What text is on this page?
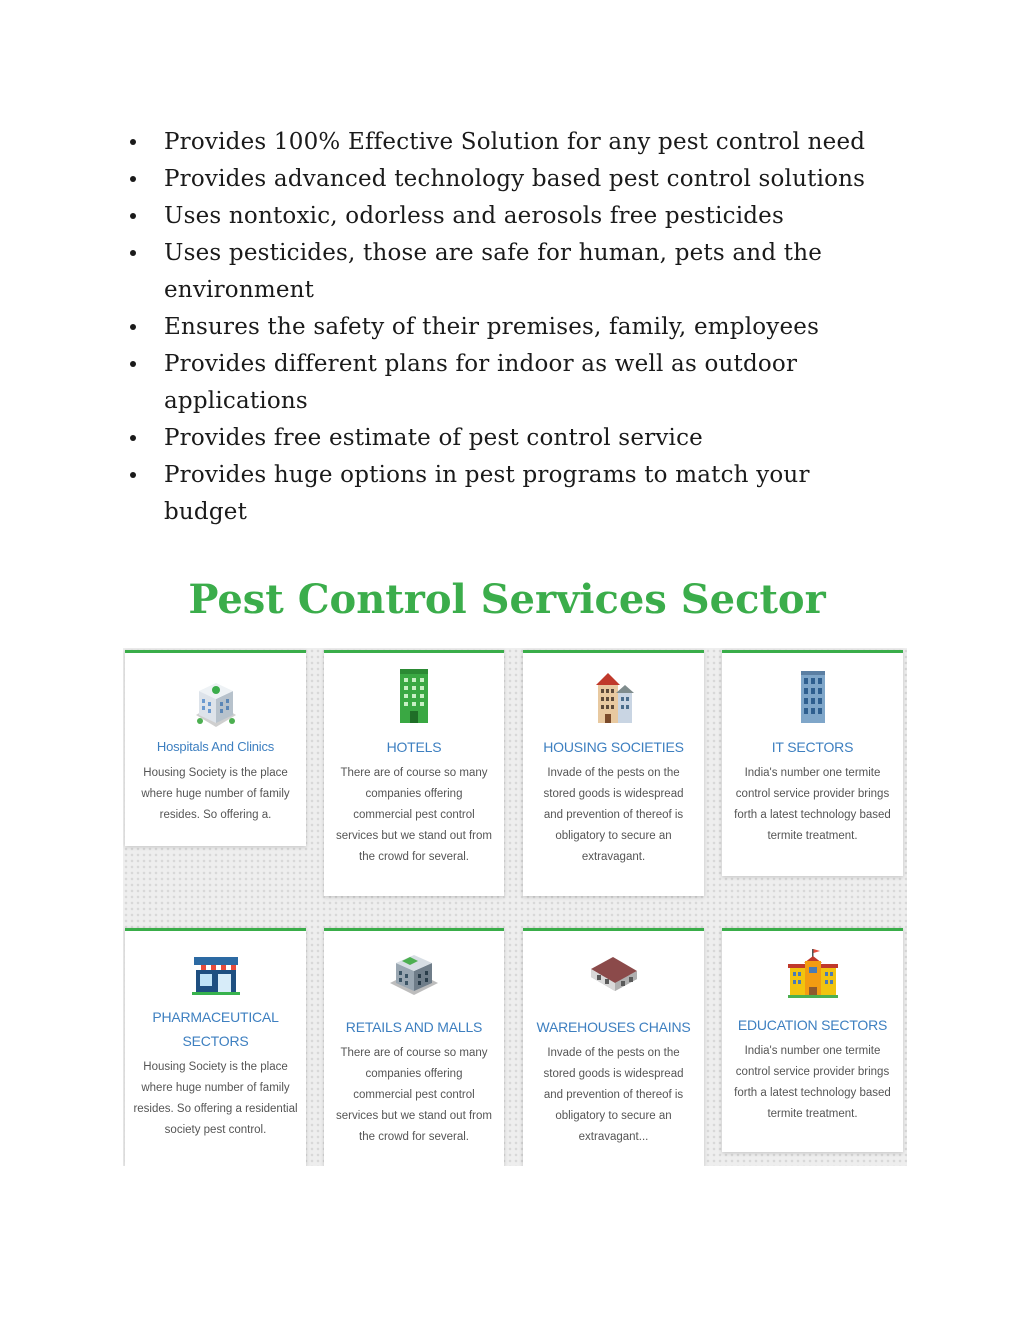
Provides 100% Effective Solution for any pest control need
Provides advanced technology based pest control solutions
Uses nontoxic, odorless and aerosols free pesticides
Uses pesticides, those are safe for human, pets and the environment
Ensures the safety of their premises, family, employees
Provides different plans for indoor as well as outdoor applications
Provides free estimate of pest control service
Provides huge options in pest programs to match your budget
Pest Control Services Sector
Hospitals And Clinics
Housing Society is the place where huge number of family resides. So offering a.
HOTELS
There are of course so many companies offering commercial pest control services but we stand out from the crowd for several.
HOUSING SOCIETIES
Invade of the pests on the stored goods is widespread and prevention of thereof is obligatory to secure an extravagant.
IT SECTORS
India's number one termite control service provider brings forth a latest technology based termite treatment.
PHARMACEUTICAL SECTORS
Housing Society is the place where huge number of family resides. So offering a residential society pest control.
RETAILS AND MALLS
There are of course so many companies offering commercial pest control services but we stand out from the crowd for several.
WAREHOUSES CHAINS
Invade of the pests on the stored goods is widespread and prevention of thereof is obligatory to secure an extravagant...
EDUCATION SECTORS
India's number one termite control service provider brings forth a latest technology based termite treatment.
